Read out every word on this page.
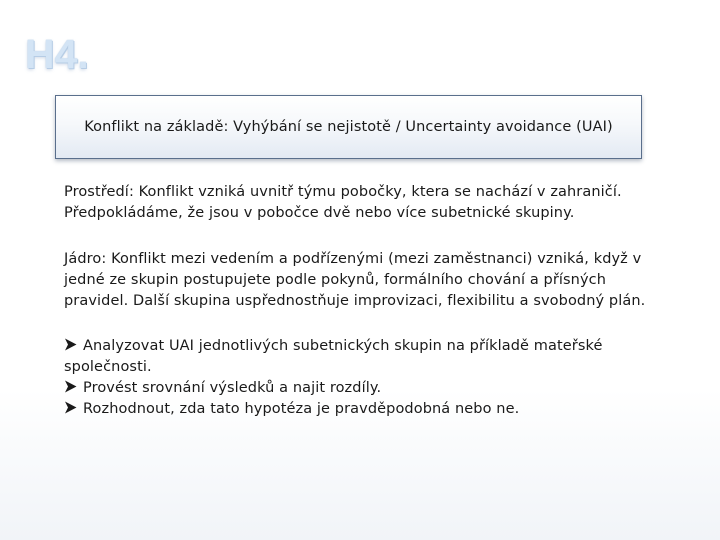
H4.
Konflikt na základě: Vyhýbání se nejistotě / Uncertainty avoidance (UAI)
Prostředí: Konflikt vzniká uvnitř týmu pobočky, ktera se nachází v zahraničí.
Předpokládáme, že jsou v pobočce dvě nebo více subetnické skupiny.
Jádro: Konflikt mezi vedením a podřízenými (mezi zaměstnanci) vzniká, když v
jedné ze skupin postupujete podle pokynů, formálního chování a přísných
pravidel. Další skupina uspřednostňuje improvizaci, flexibilitu a svobodný plán.
Analyzovat UAI jednotlivých subetnických skupin na příkladě mateřské
společnosti.
Provést srovnání výsledků a najit rozdíly.
Rozhodnout, zda tato hypotéza je pravděpodobná nebo ne.
